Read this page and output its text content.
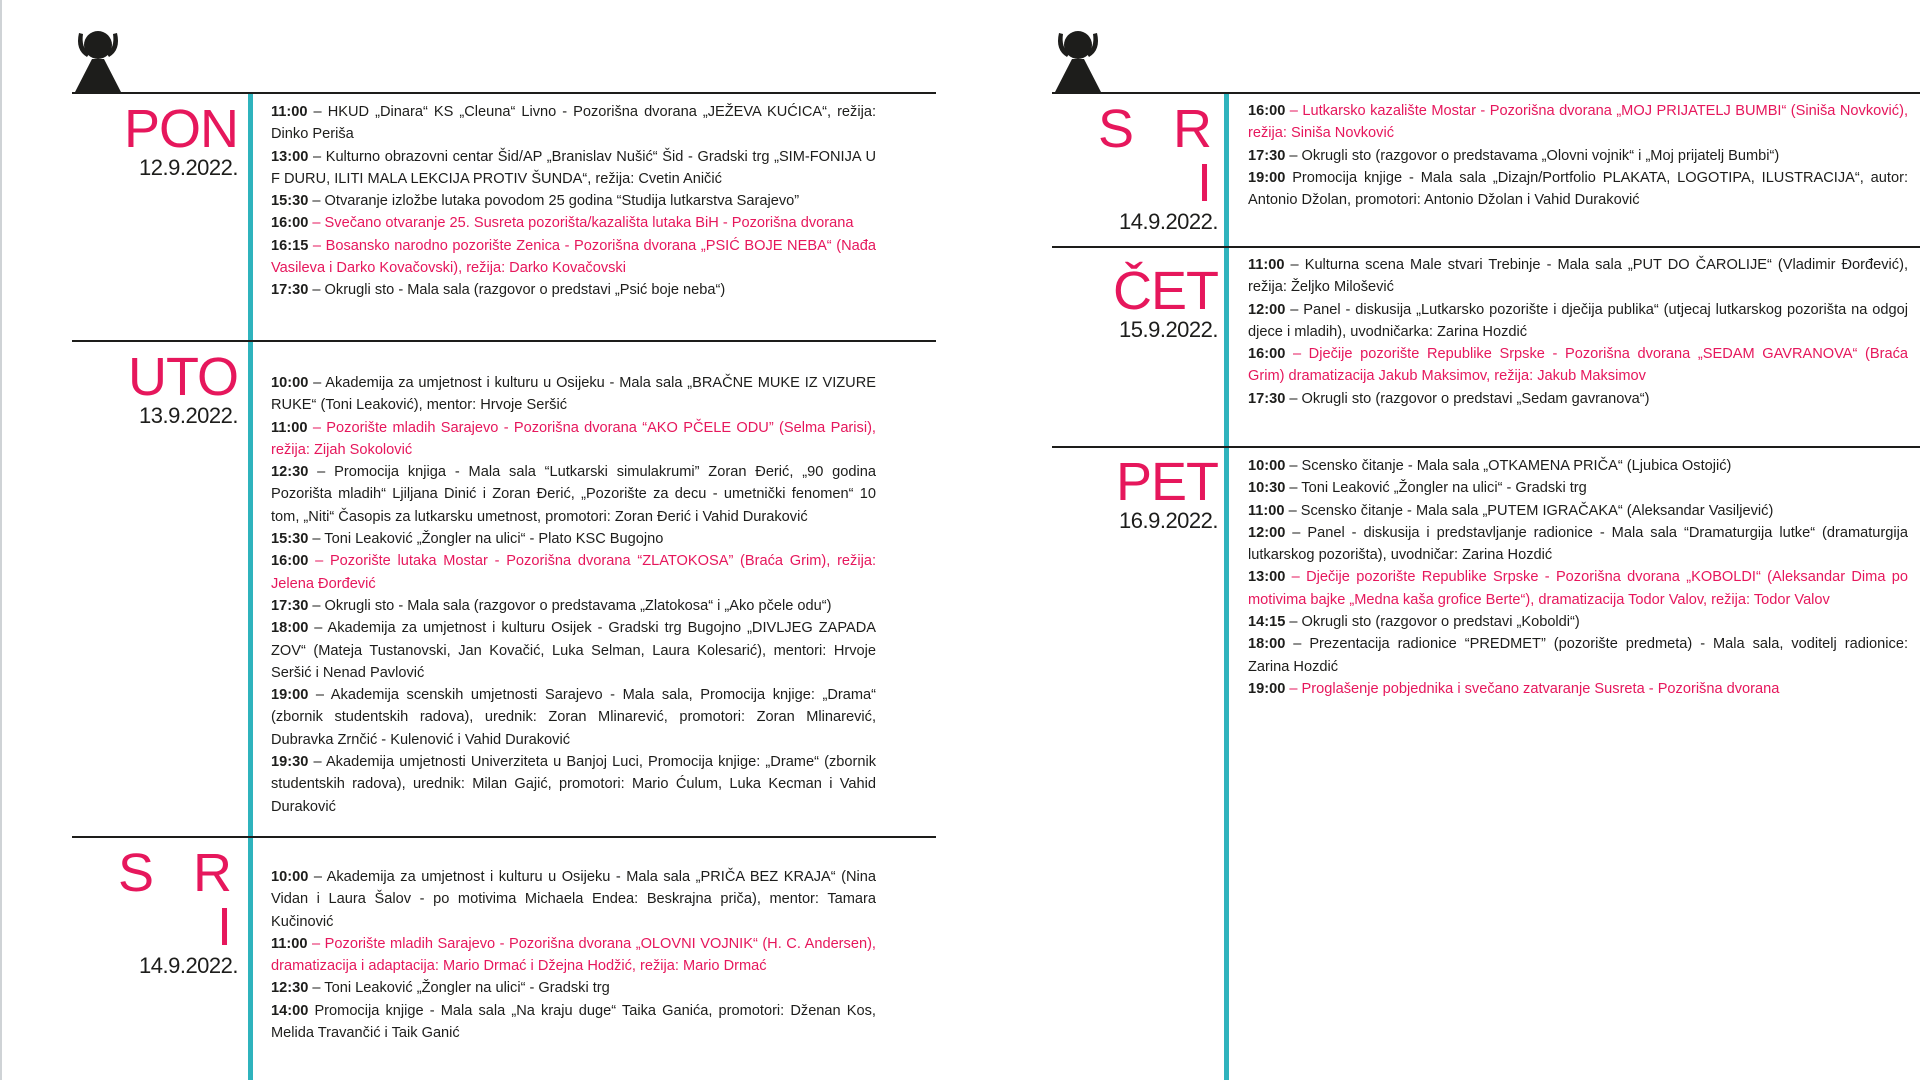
PON
12.9.2022.

11:00 – HKUD „Dinara“ KS „Cleuna“ Livno - Pozorišna dvorana „JEŽEVA KUĆICA“, režija: Dinko Periša

13:00 – Kulturno obrazovni centar Šid/AP „Branislav Nušić“ Šid - Gradski trg „SIM-FONIJA U F DURU, ILITI MALA LEKCIJA PROTIV ŠUNDA“, režija: Cvetin Aničić

15:30 – Otvaranje izložbe lutaka povodom 25 godina “Studija lutkarstva Sarajevo”

16:00 – Svečano otvaranje 25. Susreta pozorišta/kazališta lutaka BiH - Pozorišna dvorana

16:15 – Bosansko narodno pozorište Zenica - Pozorišna dvorana „PSIĆ BOJE NEBA“ (Nađa Vasileva i Darko Kovačovski), režija: Darko Kovačovski

17:30 – Okrugli sto - Mala sala (razgovor o predstavi „Psić boje neba“)

UTO
13.9.2022.

10:00 – Akademija za umjetnost i kulturu u Osijeku - Mala sala „BRAČNE MUKE IZ VIZURE RUKE“ (Toni Leaković), mentor: Hrvoje Seršić

11:00 – Pozorište mladih Sarajevo - Pozorišna dvorana “AKO PČELE ODU” (Selma Parisi), režija: Zijah Sokolović

12:30 – Promocija knjiga - Mala sala “Lutkarski simulakrumi” Zoran Đerić, „90 godina Pozorišta mladih“ Ljiljana Dinić i Zoran Đerić, „Pozorište za decu - umetnički fenomen“ 10 tom, „Niti“ Časopis za lutkarsku umetnost, promotori: Zoran Đerić i Vahid Duraković

15:30 – Toni Leaković „Žongler na ulici“ - Plato KSC Bugojno

16:00 – Pozorište lutaka Mostar - Pozorišna dvorana “ZLATOKOSA” (Braća Grim), režija: Jelena Đorđević

17:30 – Okrugli sto - Mala sala (razgovor o predstavama „Zlatokosa“ i „Ako pčele odu“)

18:00 – Akademija za umjetnost i kulturu Osijek - Gradski trg Bugojno „DIVLJEG ZAPADA ZOV“ (Mateja Tustanovski, Jan Kovačić, Luka Selman, Laura Kolesarić), mentori: Hrvoje Seršić i Nenad Pavlović

19:00 – Akademija scenskih umjetnosti Sarajevo - Mala sala, Promocija knjige: „Drama“ (zbornik studentskih radova), urednik: Zoran Mlinarević, promotori: Zoran Mlinarević, Dubravka Zrnčić - Kulenović i Vahid Duraković

19:30 – Akademija umjetnosti Univerziteta u Banjoj Luci, Promocija knjige: „Drame“ (zbornik studentskih radova), urednik: Milan Gajić, promotori: Mario Ćulum, Luka Kecman i Vahid Duraković

S R I
14.9.2022.

10:00 – Akademija za umjetnost i kulturu u Osijeku - Mala sala „PRIČA BEZ KRAJA“ (Nina Vidan i Laura Šalov - po motivima Michaela Endea: Beskrajna priča), mentor: Tamara Kučinović

11:00 – Pozorište mladih Sarajevo - Pozorišna dvorana „OLOVNI VOJNIK“ (H. C. Andersen), dramatizacija i adaptacija: Mario Drmać i Džejna Hodžić, režija: Mario Drmać

12:30 – Toni Leaković „Žongler na ulici“ - Gradski trg

14:00 Promocija knjige - Mala sala „Na kraju duge“ Taika Ganića, promotori: Dženan Kos, Melida Travančić i Taik Ganić

S R I
14.9.2022.

16:00 – Lutkarsko kazalište Mostar - Pozorišna dvorana „MOJ PRIJATELJ BUMBI“ (Siniša Novković), režija: Siniša Novković

17:30 – Okrugli sto (razgovor o predstavama „Olovni vojnik“ i „Moj prijatelj Bumbi“)

19:00 Promocija knjige - Mala sala „Dizajn/Portfolio PLAKATA, LOGOTIPA, ILUSTRACIJA“, autor: Antonio Džolan, promotori: Antonio Džolan i Vahid Duraković

ČET
15.9.2022.

11:00 – Kulturna scena Male stvari Trebinje - Mala sala „PUT DO ČAROLIJE“ (Vladimir Đorđević), režija: Željko Milošević

12:00 – Panel - diskusija „Lutkarsko pozorište i dječija publika“ (utjecaj lutkarskog pozorišta na odgoj djece i mladih), uvodničarka: Zarina Hozdić

16:00 – Dječije pozorište Republike Srpske - Pozorišna dvorana „SEDAM GAVRANOVA“ (Braća Grim) dramatizacija Jakub Maksimov, režija: Jakub Maksimov

17:30 – Okrugli sto (razgovor o predstavi „Sedam gavranova“)

PET
16.9.2022.

10:00 – Scensko čitanje - Mala sala „OTKAMENA PRIČA“ (Ljubica Ostojić)

10:30 – Toni Leaković „Žongler na ulici“ - Gradski trg

11:00 – Scensko čitanje - Mala sala „PUTEM IGRAČAKA“ (Aleksandar Vasiljević)

12:00 – Panel - diskusija i predstavljanje radionice - Mala sala “Dramaturgija lutke“ (dramaturgija lutkarskog pozorišta), uvodničar: Zarina Hozdić

13:00 – Dječije pozorište Republike Srpske - Pozorišna dvorana „KOBOLDI“ (Aleksandar Dima po motivima bajke „Medna kaša grofice Berte“), dramatizacija Todor Valov, režija: Todor Valov

14:15 – Okrugli sto (razgovor o predstavi „Koboldi“)

18:00 – Prezentacija radionice “PREDMET” (pozorište predmeta) - Mala sala, voditelj radionice: Zarina Hozdić

19:00 – Proglašenje pobjednika i svečano zatvaranje Susreta - Pozorišna dvorana
